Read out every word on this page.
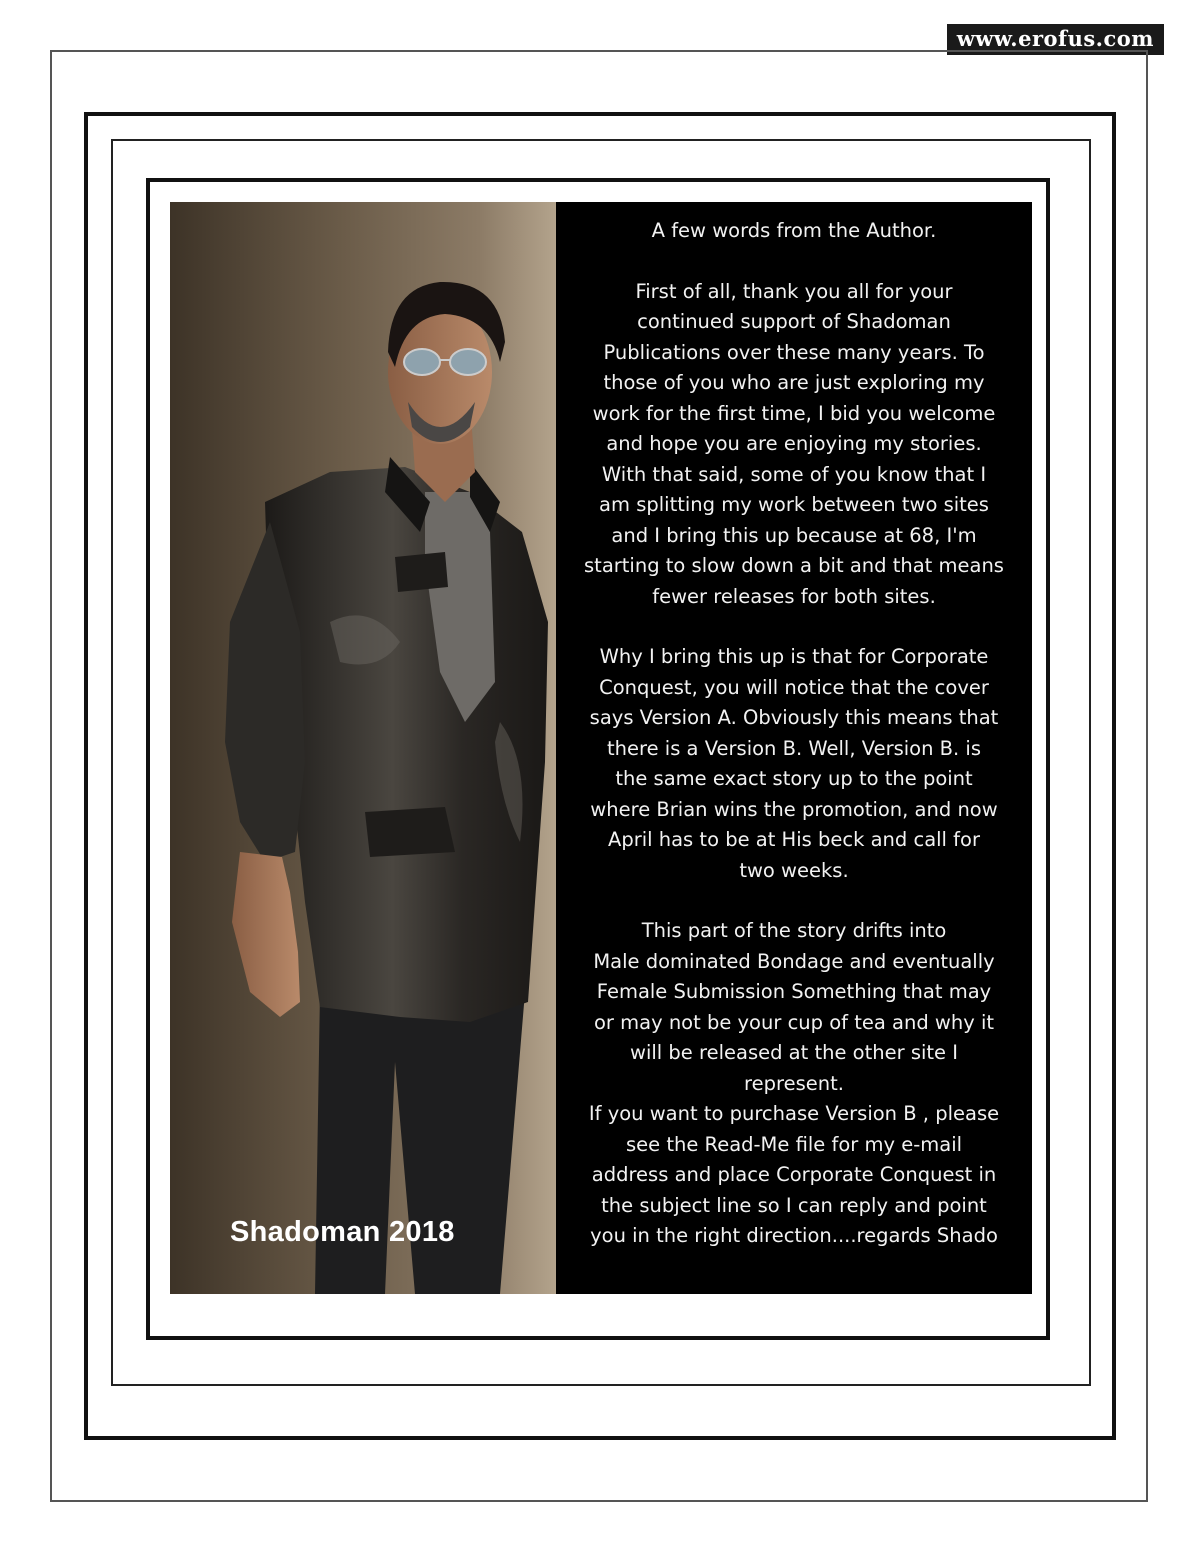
www.erofus.com
Shadoman 2018

A few words from the Author.

First of all, thank you all for your
continued support of Shadoman
Publications over these many years. To
those of you who are just exploring my
work for the first time, I bid you welcome
and hope you are enjoying my stories.
With that said, some of you know that I
am splitting my work between two sites
and I bring this up because at 68, I'm
starting to slow down a bit and that means
fewer releases for both sites.

Why I bring this up is that for Corporate
Conquest, you will notice that the cover
says Version A. Obviously this means that
there is a Version B. Well, Version B. is
the same exact story up to the point
where Brian wins the promotion, and now
April has to be at His beck and call for
two weeks.

This part of the story drifts into
Male dominated Bondage and eventually
Female Submission Something that may
or may not be your cup of tea and why it
will be released at the other site I
represent.
If you want to purchase Version B , please
see the Read-Me file for my e-mail
address and place Corporate Conquest in
the subject line so I can reply and point
you in the right direction....regards Shado
